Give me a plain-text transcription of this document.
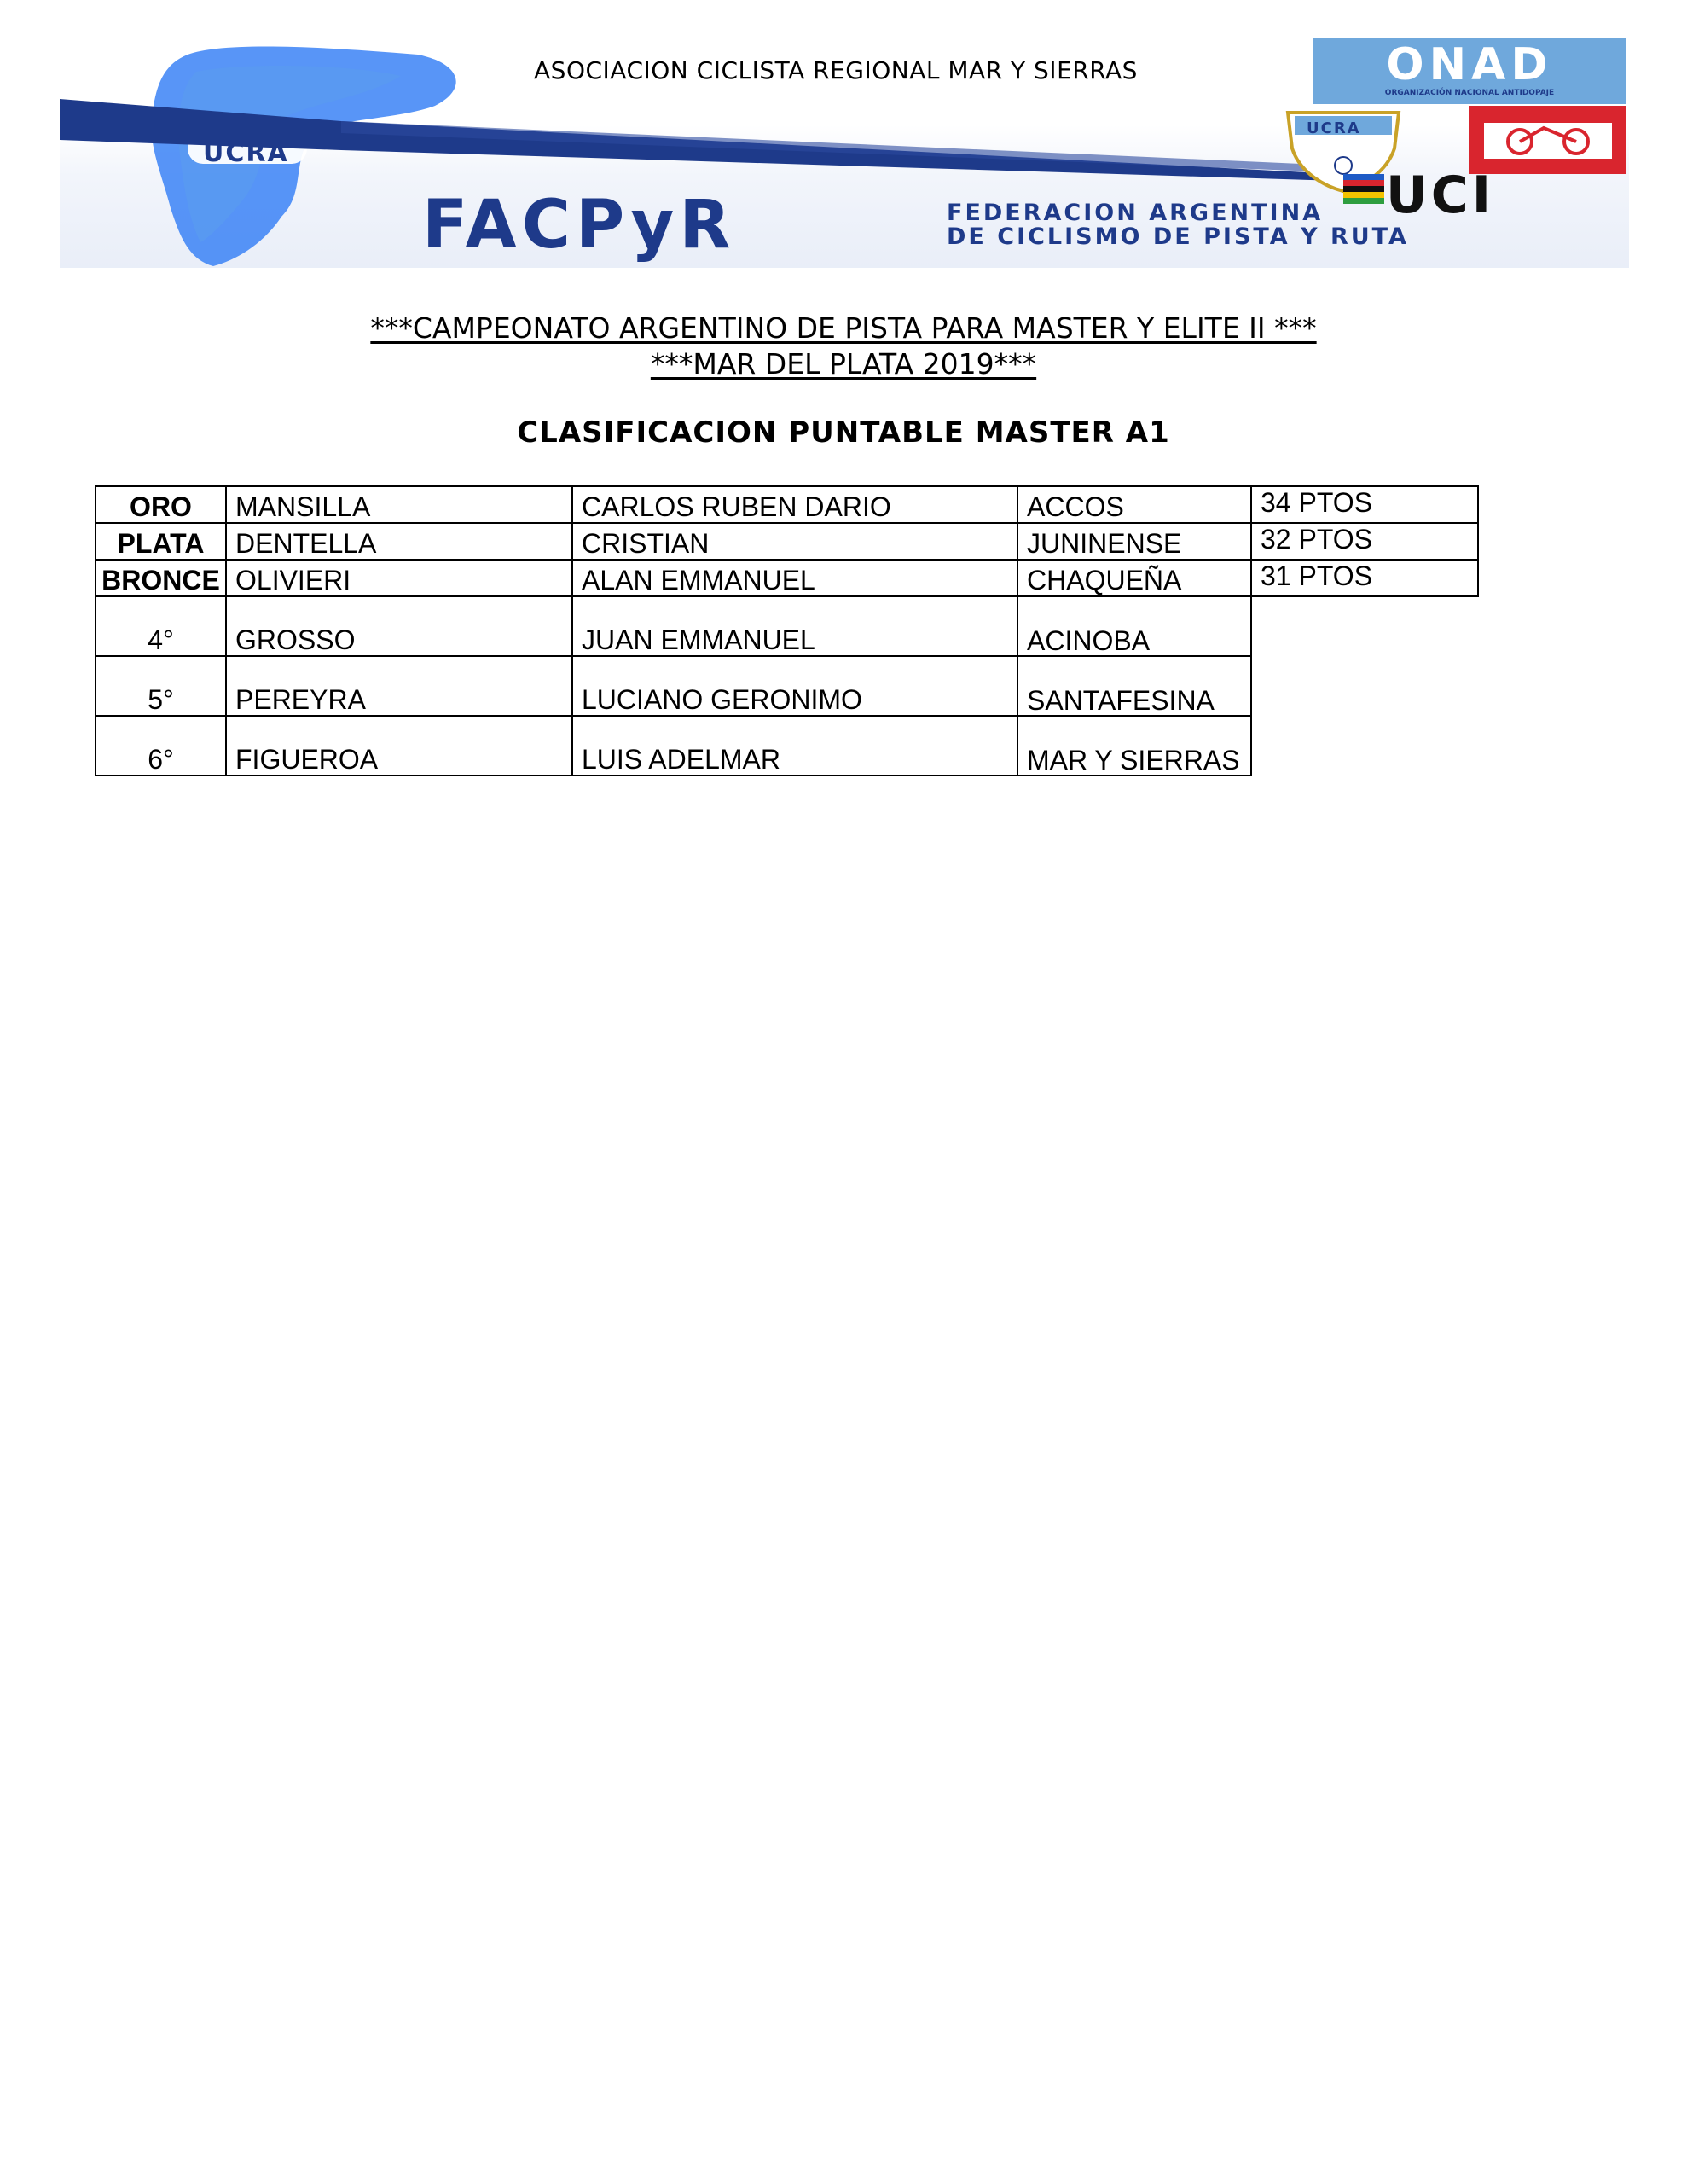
ASOCIACION CICLISTA REGIONAL MAR Y SIERRAS
UCRA
UCRA
ONAD
ORGANIZACIÓN NACIONAL ANTIDOPAJE
UCI
FACPyR	FEDERACION ARGENTINA
DE CICLISMO DE PISTA Y RUTA
***CAMPEONATO ARGENTINO DE PISTA PARA MASTER Y ELITE II ***
***MAR DEL PLATA 2019***
CLASIFICACION PUNTABLE MASTER A1
ORO	MANSILLA	CARLOS RUBEN DARIO	ACCOS	34 PTOS
PLATA	DENTELLA	CRISTIAN	JUNINENSE	32 PTOS
BRONCE	OLIVIERI	ALAN EMMANUEL	CHAQUEÑA	31 PTOS
4°	GROSSO	JUAN EMMANUEL	ACINOBA	
5°	PEREYRA	LUCIANO GERONIMO	SANTAFESINA	
6°	FIGUEROA	LUIS ADELMAR	MAR Y SIERRAS	
